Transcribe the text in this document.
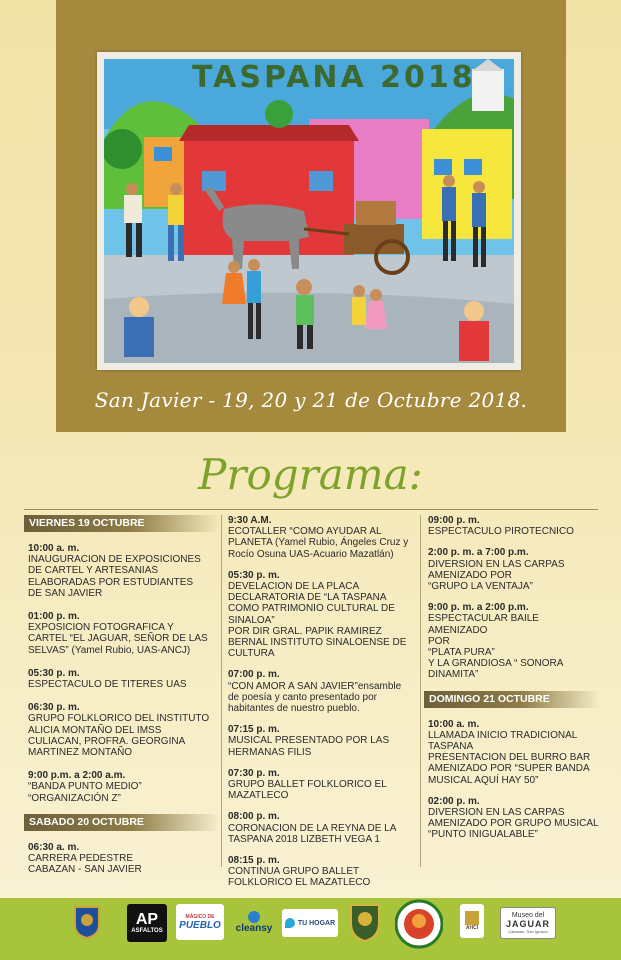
TASPANA 2018
San Javier - 19, 20 y 21 de Octubre 2018.
Programa:
VIERNES 19 OCTUBRE
10:00 a. m.
INAUGURACION DE EXPOSICIONES
DE CARTEL Y ARTESANIAS
ELABORADAS POR ESTUDIANTES
DE SAN JAVIER
01:00 p. m.
EXPOSICION FOTOGRAFICA Y
CARTEL “EL JAGUAR, SEÑOR DE LAS
SELVAS” (Yamel Rubio, UAS-ANCJ)
05:30 p. m.
ESPECTACULO DE TITERES UAS
06:30 p. m.
GRUPO FOLKLORICO DEL INSTITUTO
ALICIA MONTAÑO DEL IMSS
CULIACAN, PROFRA. GEORGINA
MARTINEZ MONTAÑO
9:00 p.m. a 2:00 a.m.
“BANDA PUNTO MEDIO”
“ORGANIZACIÓN Z”
SABADO 20 OCTUBRE
06:30 a. m.
CARRERA PEDESTRE
CABAZAN - SAN JAVIER
9:30 A.M.
ECOTALLER “COMO AYUDAR AL
PLANETA (Yamel Rubio, Ángeles Cruz y
Rocío Osuna UAS-Acuario Mazatlán)
05:30 p. m.
DEVELACION DE LA PLACA
DECLARATORIA DE “LA TASPANA
COMO PATRIMONIO CULTURAL DE
SINALOA”
POR DIR GRAL. PAPIK RAMIREZ
BERNAL INSTITUTO SINALOENSE DE
CULTURA
07:00 p. m.
“CON AMOR A SAN JAVIER”ensamble
de poesía y canto presentado por
habitantes de nuestro pueblo.
07:15 p. m.
MUSICAL PRESENTADO POR LAS
HERMANAS FILIS
07:30 p. m.
GRUPO BALLET FOLKLORICO EL
MAZATLECO
08:00 p. m.
CORONACION DE LA REYNA DE LA
TASPANA 2018 LIZBETH VEGA 1
08:15 p. m.
CONTINUA GRUPO BALLET
FOLKLORICO EL MAZATLECO
09:00 p. m.
ESPECTACULO PIROTECNICO
2:00 p. m. a 7:00 p.m.
DIVERSION EN LAS CARPAS
AMENIZADO POR
“GRUPO LA VENTAJA”
9:00 p. m. a 2:00 p.m.
ESPECTACULAR BAILE AMENIZADO
POR
“PLATA PURA”
Y LA GRANDIOSA “ SONORA
DINAMITA”
DOMINGO 21 OCTUBRE
10:00 a. m.
LLAMADA INICIO TRADICIONAL
TASPANA
PRESENTACION DEL BURRO BAR
AMENIZADO POR “SUPER BANDA
MUSICAL AQUÍ HAY 50”
02:00 p. m.
DIVERSION EN LAS CARPAS
AMENIZADO POR GRUPO MUSICAL
“PUNTO INIGUALABLE”
AP
ASFALTOS
MÁGICO DE
PUEBLO cleansy	TU HOGAR
AHCI
Museo del
JAGUAR
Cabazan, San Ignacio
